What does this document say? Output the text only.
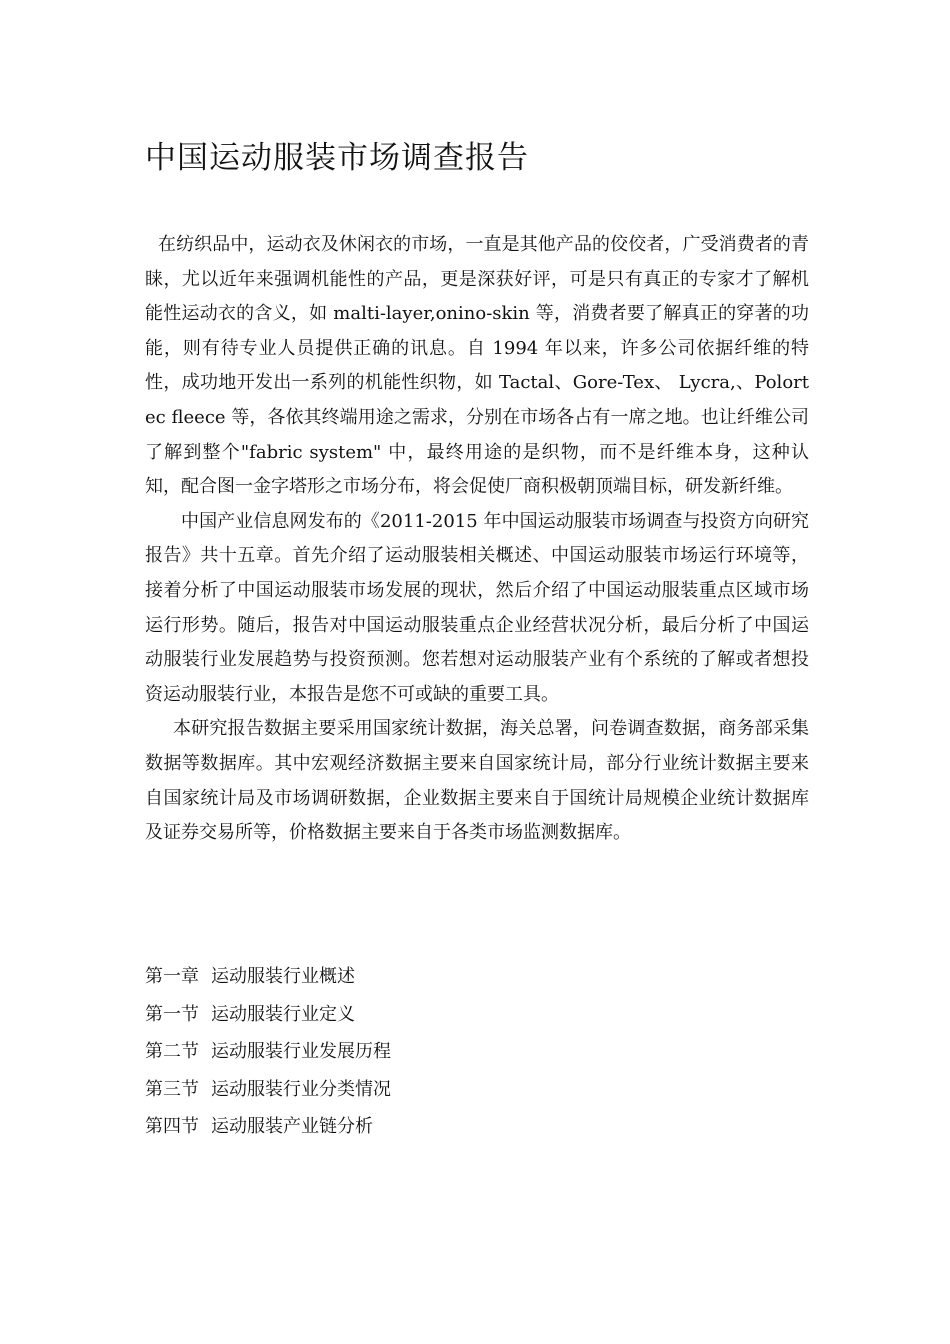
中国运动服装市场调查报告

在纺织品中，运动衣及休闲衣的市场，一直是其他产品的佼佼者，广受消费者的青睐，尤以近年来强调机能性的产品，更是深获好评，可是只有真正的专家才了解机能性运动衣的含义，如 malti-layer,onino-skin 等，消费者要了解真正的穿著的功能，则有待专业人员提供正确的讯息。自 1994 年以来，许多公司依据纤维的特性，成功地开发出一系列的机能性织物，如 Tactal、Gore-Tex、 Lycra,、Polortec fleece 等，各依其终端用途之需求，分别在市场各占有一席之地。也让纤维公司了解到整个"fabric system" 中，最终用途的是织物，而不是纤维本身，这种认知，配合图一金字塔形之市场分布，将会促使厂商积极朝顶端目标，研发新纤维。

中国产业信息网发布的《2011-2015 年中国运动服装市场调查与投资方向研究报告》共十五章。首先介绍了运动服装相关概述、中国运动服装市场运行环境等，接着分析了中国运动服装市场发展的现状，然后介绍了中国运动服装重点区域市场运行形势。随后，报告对中国运动服装重点企业经营状况分析，最后分析了中国运动服装行业发展趋势与投资预测。您若想对运动服装产业有个系统的了解或者想投资运动服装行业，本报告是您不可或缺的重要工具。

本研究报告数据主要采用国家统计数据，海关总署，问卷调查数据，商务部采集数据等数据库。其中宏观经济数据主要来自国家统计局，部分行业统计数据主要来自国家统计局及市场调研数据，企业数据主要来自于国统计局规模企业统计数据库及证券交易所等，价格数据主要来自于各类市场监测数据库。

第一章 运动服装行业概述
第一节 运动服装行业定义
第二节 运动服装行业发展历程
第三节 运动服装行业分类情况
第四节 运动服装产业链分析
